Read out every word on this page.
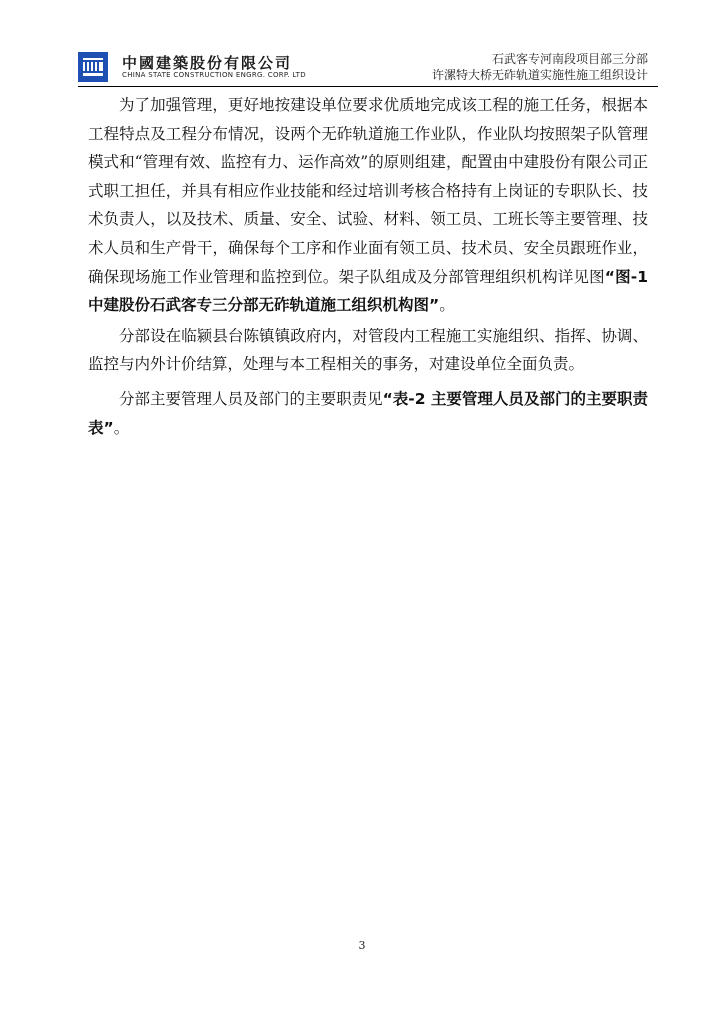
中國建築股份有限公司
CHINA STATE CONSTRUCTION ENGRG. CORP. LTD
石武客专河南段项目部三分部
许漯特大桥无砟轨道实施性施工组织设计

为了加强管理，更好地按建设单位要求优质地完成该工程的施工任务，根据本工程特点及工程分布情况，设两个无砟轨道施工作业队，作业队均按照架子队管理模式和“管理有效、监控有力、运作高效”的原则组建，配置由中建股份有限公司正式职工担任，并具有相应作业技能和经过培训考核合格持有上岗证的专职队长、技术负责人，以及技术、质量、安全、试验、材料、领工员、工班长等主要管理、技术人员和生产骨干，确保每个工序和作业面有领工员、技术员、安全员跟班作业，确保现场施工作业管理和监控到位。架子队组成及分部管理组织机构详见图“图-1 中建股份石武客专三分部无砟轨道施工组织机构图”。

分部设在临颍县台陈镇镇政府内，对管段内工程施工实施组织、指挥、协调、监控与内外计价结算，处理与本工程相关的事务，对建设单位全面负责。

分部主要管理人员及部门的主要职责见“表-2 主要管理人员及部门的主要职责表”。

3
